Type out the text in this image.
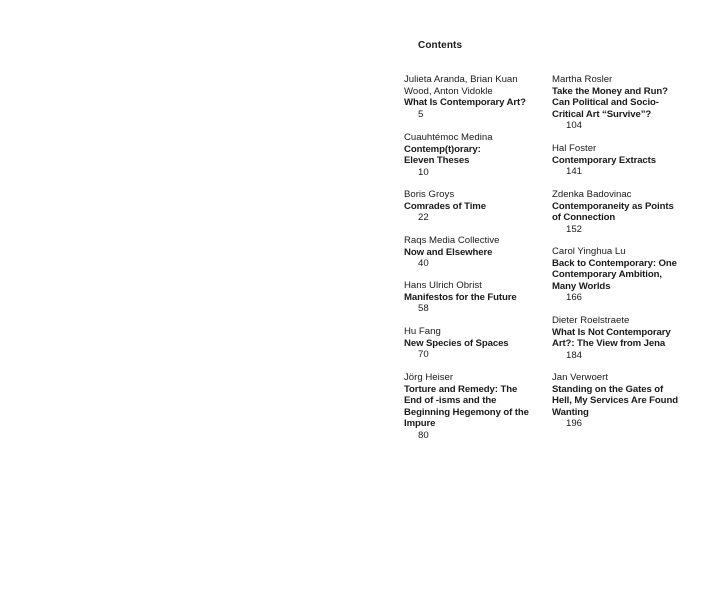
Contents
Julieta Aranda, Brian Kuan Wood, Anton Vidokle
What Is Contemporary Art?
5
Cuauhtémoc Medina
Contemp(t)orary: Eleven Theses
10
Boris Groys
Comrades of Time
22
Raqs Media Collective
Now and Elsewhere
40
Hans Ulrich Obrist
Manifestos for the Future
58
Hu Fang
New Species of Spaces
70
Jörg Heiser
Torture and Remedy: The End of -isms and the Beginning Hegemony of the Impure
80
Martha Rosler
Take the Money and Run? Can Political and Socio-Critical Art “Survive”?
104
Hal Foster
Contemporary Extracts
141
Zdenka Badovinac
Contemporaneity as Points of Connection
152
Carol Yinghua Lu
Back to Contemporary: One Contemporary Ambition, Many Worlds
166
Dieter Roelstraete
What Is Not Contemporary Art?: The View from Jena
184
Jan Verwoert
Standing on the Gates of Hell, My Services Are Found Wanting
196
